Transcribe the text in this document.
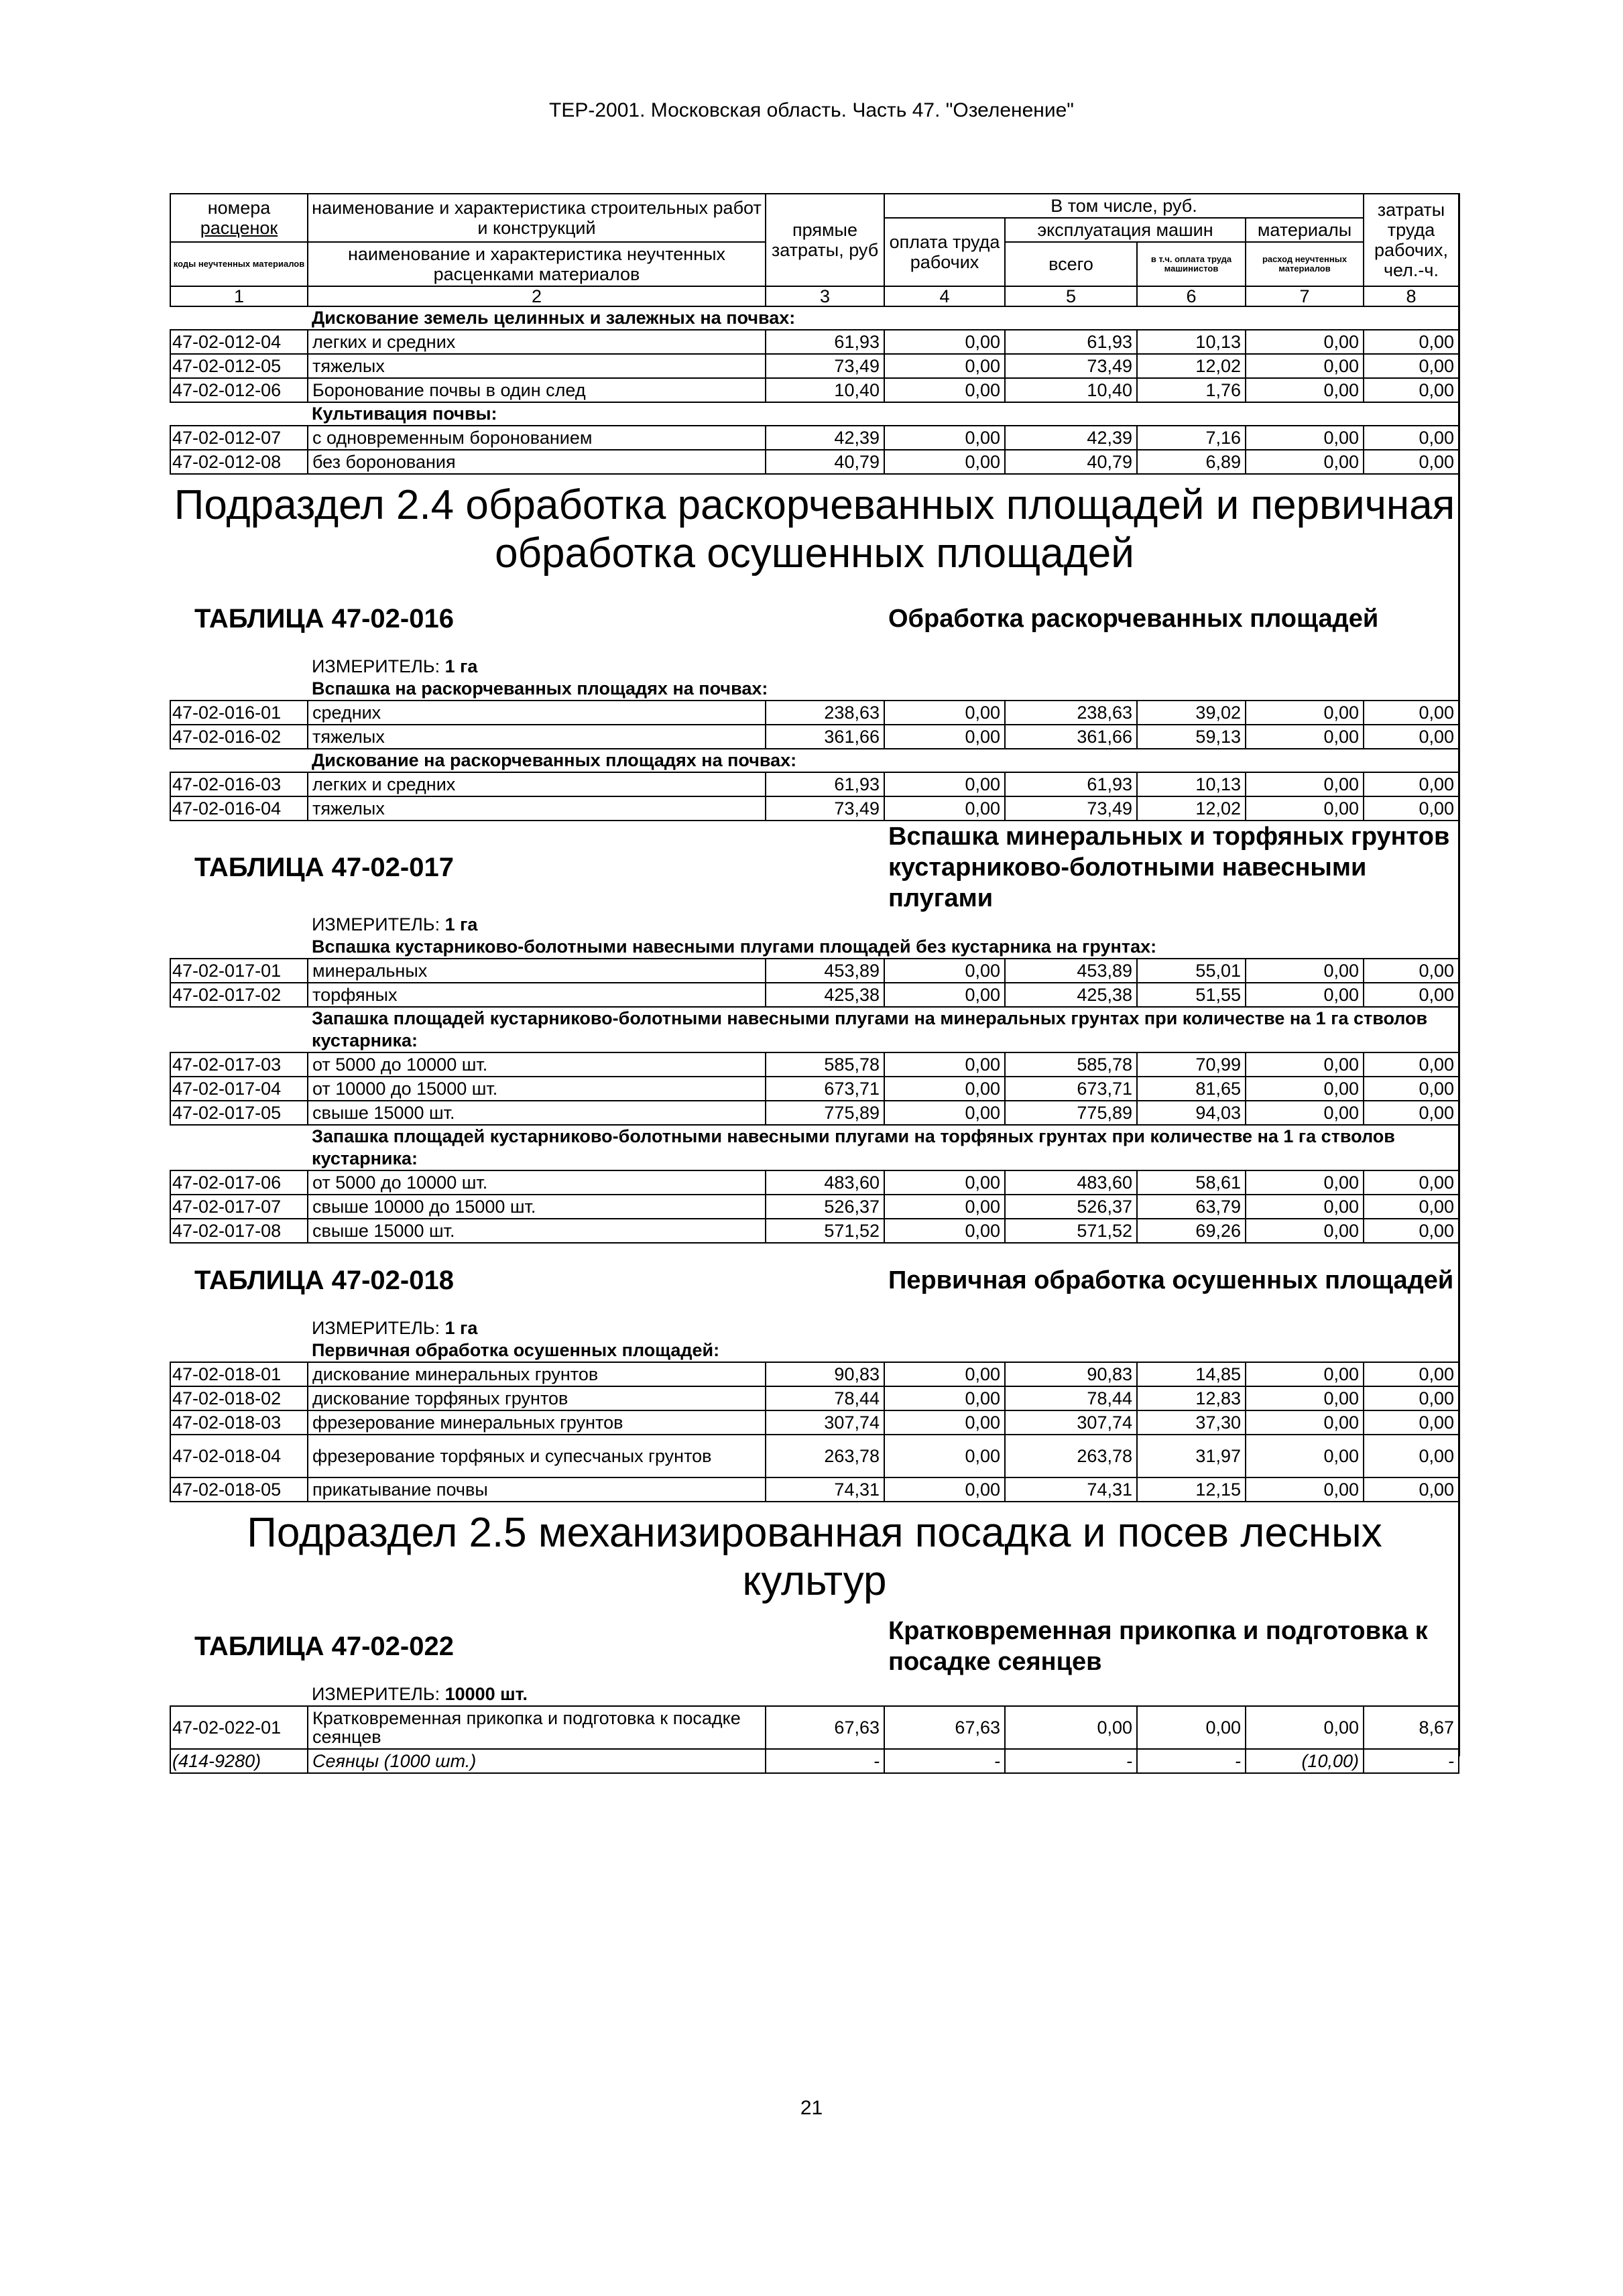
ТЕР-2001. Московская область. Часть 47. "Озеленение"
номера
расценок	наименование и характеристика строительных работ и конструкций	прямые затраты, руб	В том числе, руб.				затраты труда рабочих, чел.-ч.
			оплата труда рабочих	эксплуатация машин		материалы	
коды неучтенных материалов	наименование и характеристика неучтенных расценками материалов			всего	в т.ч. оплата труда машинистов	расход неучтенных материалов	

1	2	3	4	5	6	7	8
	Дискование земель целинных и залежных на почвах:						
47-02-012-04	легких и средних	61,93	0,00	61,93	10,13	0,00	0,00
47-02-012-05	тяжелых	73,49	0,00	73,49	12,02	0,00	0,00
47-02-012-06	Боронование почвы в один след	10,40	0,00	10,40	1,76	0,00	0,00
	Культивация почвы:						
47-02-012-07	с одновременным боронованием	42,39	0,00	42,39	7,16	0,00	0,00
47-02-012-08	без боронования	40,79	0,00	40,79	6,89	0,00	0,00
Подраздел 2.4 обработка раскорчеванных площадей и первичная обработка осушенных площадей							
ТАБЛИЦА 47-02-016			Обработка раскорчеванных площадей				
	ИЗМЕРИТЕЛЬ: 1 га						
	Вспашка на раскорчеванных площадях на почвах:						
47-02-016-01	средних	238,63	0,00	238,63	39,02	0,00	0,00
47-02-016-02	тяжелых	361,66	0,00	361,66	59,13	0,00	0,00
	Дискование на раскорчеванных площадях на почвах:						
47-02-016-03	легких и средних	61,93	0,00	61,93	10,13	0,00	0,00
47-02-016-04	тяжелых	73,49	0,00	73,49	12,02	0,00	0,00
ТАБЛИЦА 47-02-017			Вспашка минеральных и торфяных грунтов кустарниково-болотными навесными плугами				
	ИЗМЕРИТЕЛЬ: 1 га						
	Вспашка кустарниково-болотными навесными плугами площадей без кустарника на грунтах:						
47-02-017-01	минеральных	453,89	0,00	453,89	55,01	0,00	0,00
47-02-017-02	торфяных	425,38	0,00	425,38	51,55	0,00	0,00
	Запашка площадей кустарниково-болотными навесными плугами на минеральных грунтах при количестве на 1 га стволов кустарника:						
47-02-017-03	от 5000 до 10000 шт.	585,78	0,00	585,78	70,99	0,00	0,00
47-02-017-04	от 10000 до 15000 шт.	673,71	0,00	673,71	81,65	0,00	0,00
47-02-017-05	свыше 15000 шт.	775,89	0,00	775,89	94,03	0,00	0,00
	Запашка площадей кустарниково-болотными навесными плугами на торфяных грунтах при количестве на 1 га стволов кустарника:						
47-02-017-06	от 5000 до 10000 шт.	483,60	0,00	483,60	58,61	0,00	0,00
47-02-017-07	свыше 10000 до 15000 шт.	526,37	0,00	526,37	63,79	0,00	0,00
47-02-017-08	свыше 15000 шт.	571,52	0,00	571,52	69,26	0,00	0,00
ТАБЛИЦА 47-02-018			Первичная обработка осушенных площадей				
	ИЗМЕРИТЕЛЬ: 1 га						
	Первичная обработка осушенных площадей:						
47-02-018-01	дискование минеральных грунтов	90,83	0,00	90,83	14,85	0,00	0,00
47-02-018-02	дискование торфяных грунтов	78,44	0,00	78,44	12,83	0,00	0,00
47-02-018-03	фрезерование минеральных грунтов	307,74	0,00	307,74	37,30	0,00	0,00
47-02-018-04	фрезерование торфяных и супесчаных грунтов	263,78	0,00	263,78	31,97	0,00	0,00
47-02-018-05	прикатывание почвы	74,31	0,00	74,31	12,15	0,00	0,00
Подраздел 2.5 механизированная посадка и посев лесных культур							
ТАБЛИЦА 47-02-022			Кратковременная прикопка и подготовка к посадке сеянцев				
	ИЗМЕРИТЕЛЬ: 10000 шт.						
47-02-022-01	Кратковременная прикопка и подготовка к посадке сеянцев	67,63	67,63	0,00	0,00	0,00	8,67
(414-9280)	Сеянцы (1000 шт.)	-	-	-	-	(10,00)	-
21
